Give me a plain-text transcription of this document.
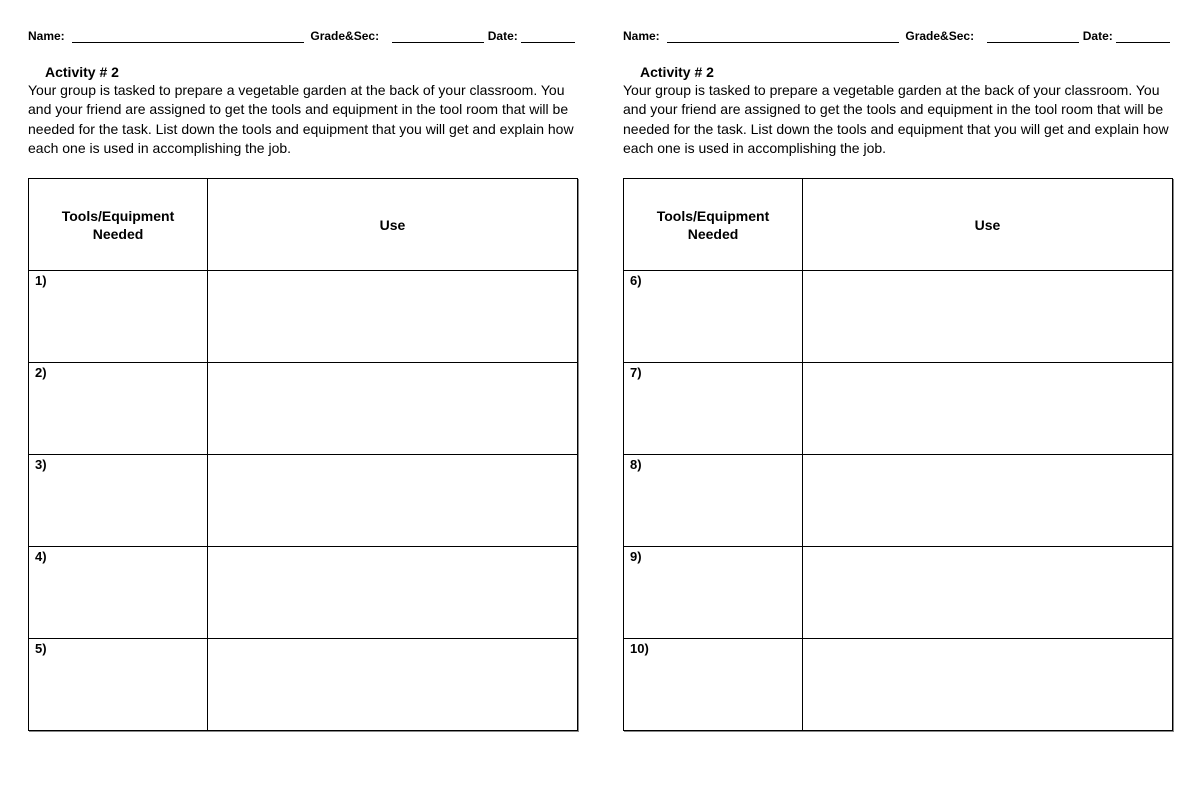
Name:	Grade&Sec:	Date:
Activity # 2
Your group is tasked to prepare a vegetable garden at the back of your classroom. You and your friend are assigned to get the tools and equipment in the tool room that will be needed for the task. List down the tools and equipment that you will get and explain how each one is used in accomplishing the job.
Tools/Equipment Needed	Use

1)	

2)	

3)	

4)	

5)	

Name:	Grade&Sec:	Date:
Activity # 2
Your group is tasked to prepare a vegetable garden at the back of your classroom. You and your friend are assigned to get the tools and equipment in the tool room that will be needed for the task. List down the tools and equipment that you will get and explain how each one is used in accomplishing the job.
Tools/Equipment Needed	Use

6)	

7)	

8)	

9)	

10)	
